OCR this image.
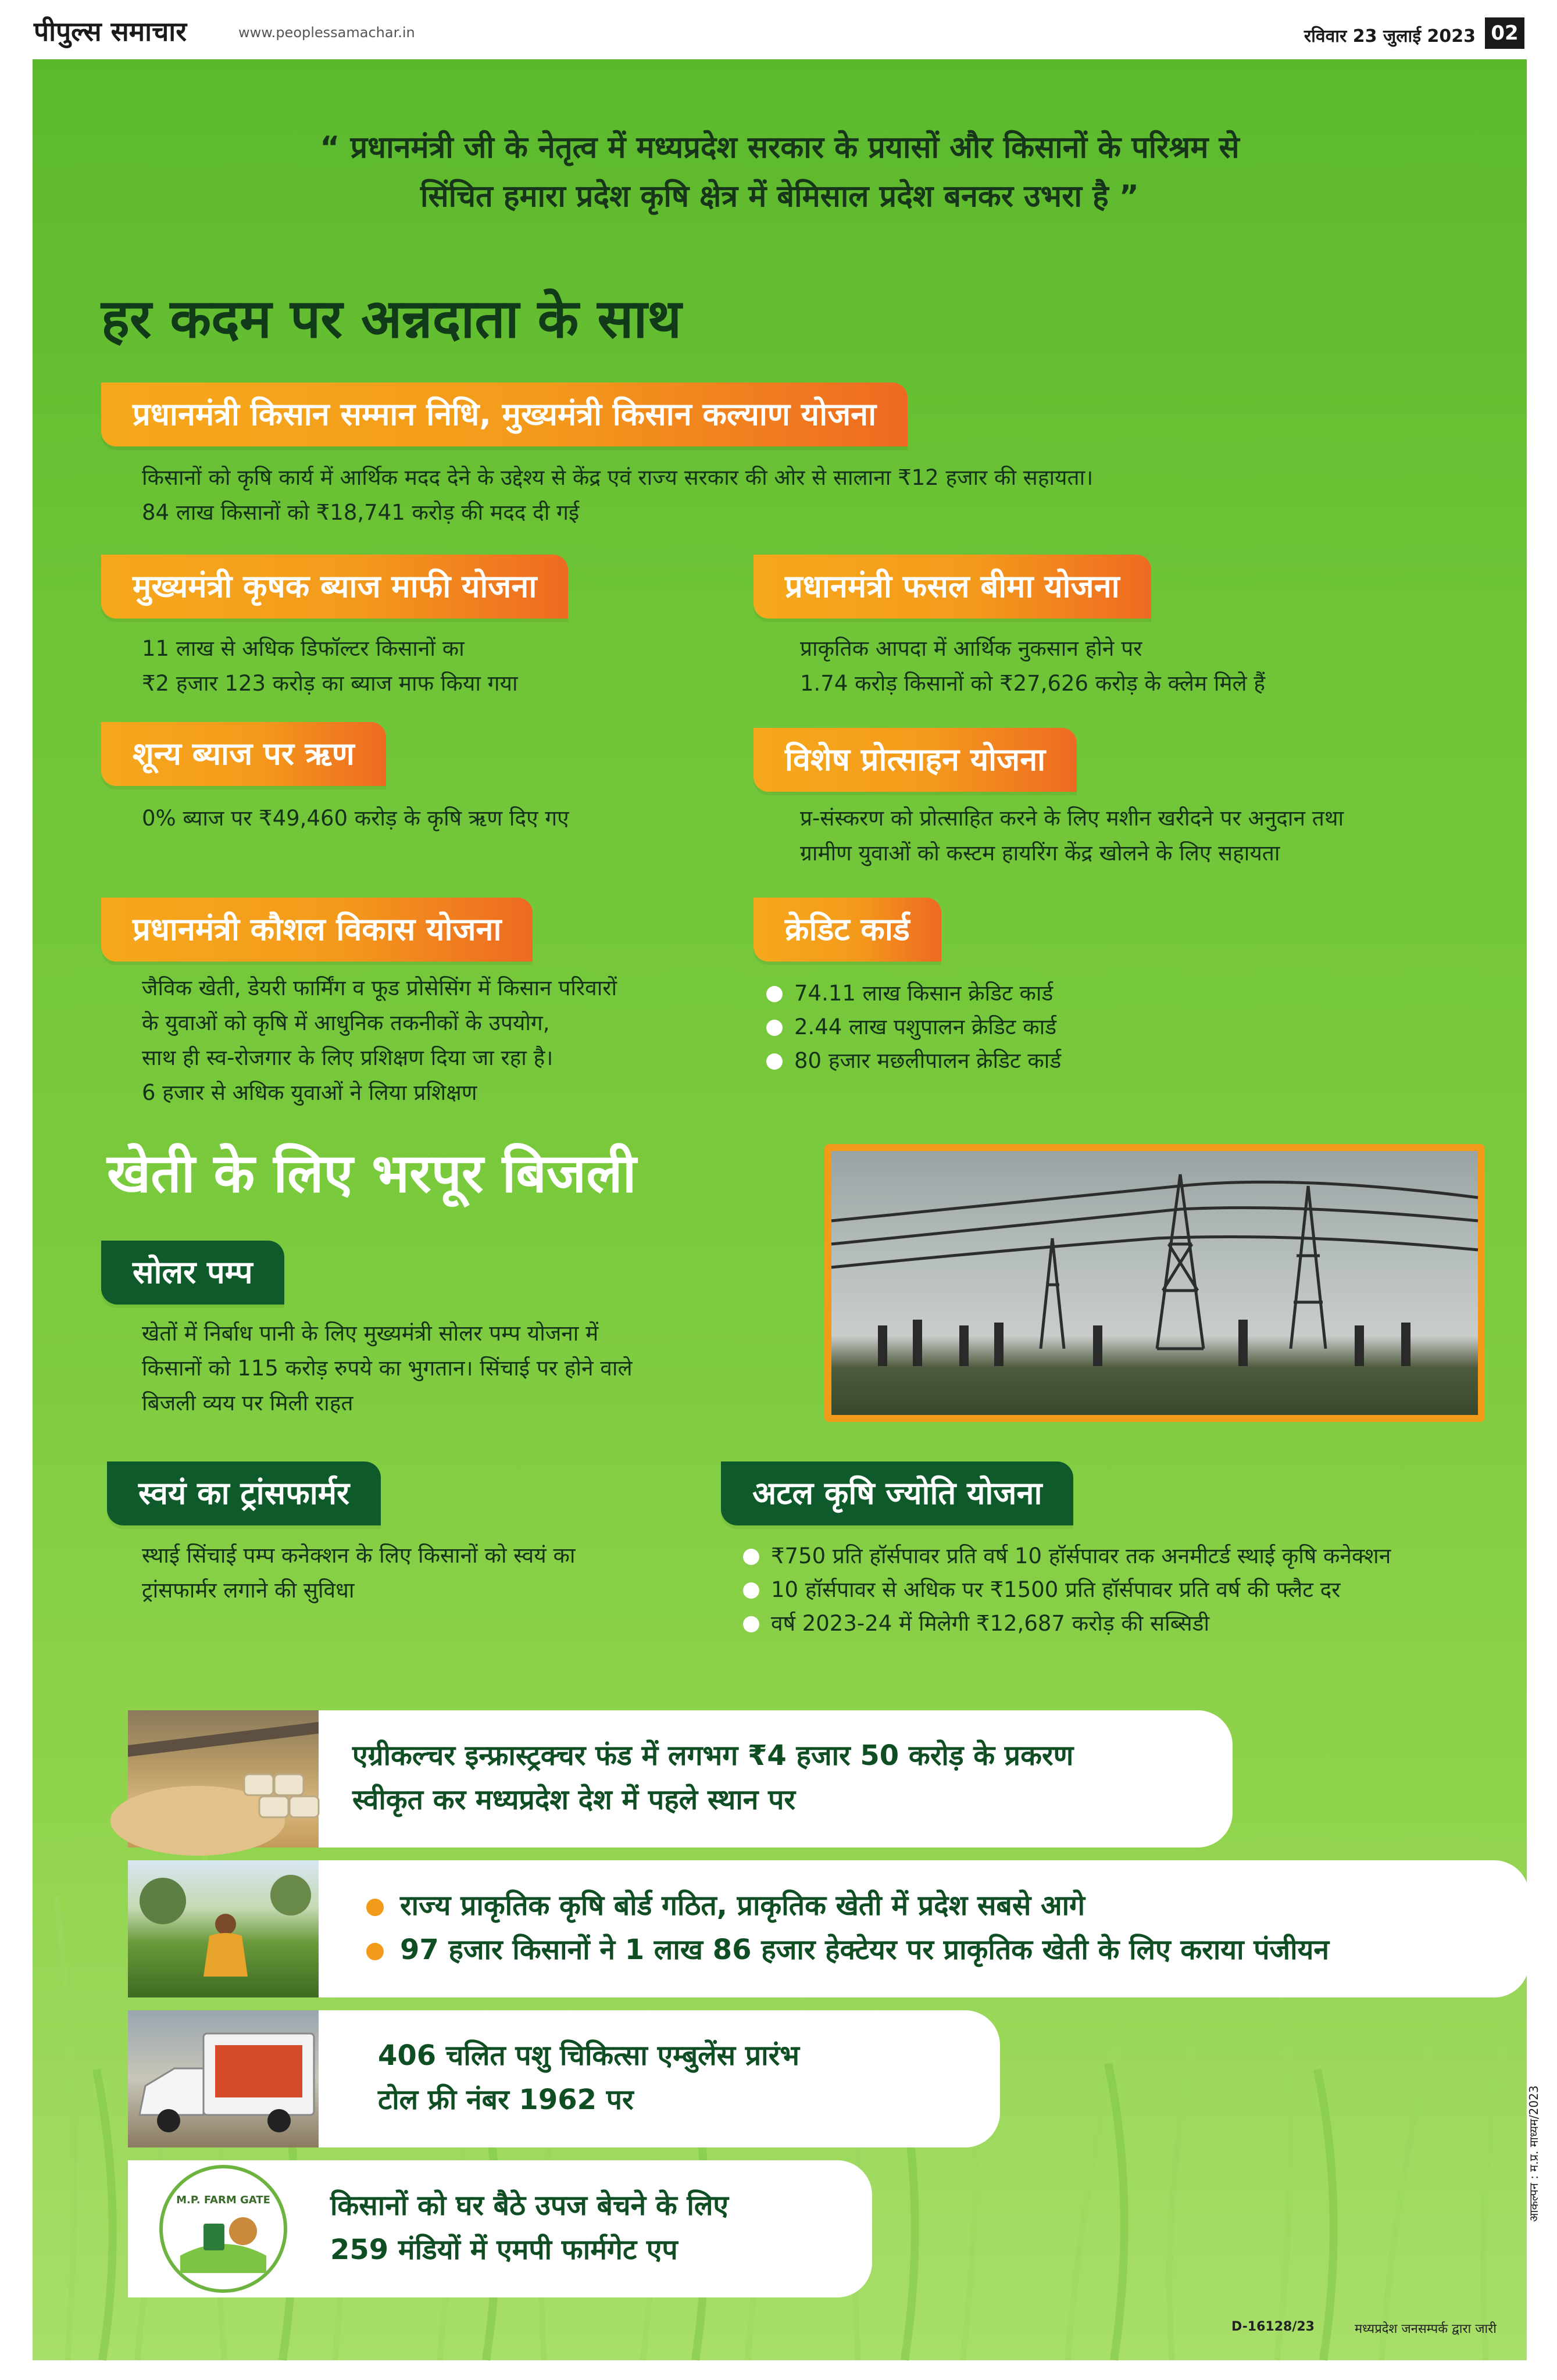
पीपुल्स समाचार	www.peoplessamachar.in	रविवार 23 जुलाई 2023 02
“ प्रधानमंत्री जी के नेतृत्व में मध्यप्रदेश सरकार के प्रयासों और किसानों के परिश्रम से
सिंचित हमारा प्रदेश कृषि क्षेत्र में बेमिसाल प्रदेश बनकर उभरा है ”
हर कदम पर अन्नदाता के साथ
प्रधानमंत्री किसान सम्मान निधि, मुख्यमंत्री किसान कल्याण योजना
किसानों को कृषि कार्य में आर्थिक मदद देने के उद्देश्य से केंद्र एवं राज्य सरकार की ओर से सालाना ₹12 हजार की सहायता।
84 लाख किसानों को ₹18,741 करोड़ की मदद दी गई
मुख्यमंत्री कृषक ब्याज माफी योजना
11 लाख से अधिक डिफॉल्टर किसानों का
₹2 हजार 123 करोड़ का ब्याज माफ किया गया
प्रधानमंत्री फसल बीमा योजना
प्राकृतिक आपदा में आर्थिक नुकसान होने पर
1.74 करोड़ किसानों को ₹27,626 करोड़ के क्लेम मिले हैं
शून्य ब्याज पर ऋण
0% ब्याज पर ₹49,460 करोड़ के कृषि ऋण दिए गए
विशेष प्रोत्साहन योजना
प्र-संस्करण को प्रोत्साहित करने के लिए मशीन खरीदने पर अनुदान तथा
ग्रामीण युवाओं को कस्टम हायरिंग केंद्र खोलने के लिए सहायता
प्रधानमंत्री कौशल विकास योजना
जैविक खेती, डेयरी फार्मिंग व फूड प्रोसेसिंग में किसान परिवारों
के युवाओं को कृषि में आधुनिक तकनीकों के उपयोग,
साथ ही स्व-रोजगार के लिए प्रशिक्षण दिया जा रहा है।
6 हजार से अधिक युवाओं ने लिया प्रशिक्षण
क्रेडिट कार्ड
74.11 लाख किसान क्रेडिट कार्ड
2.44 लाख पशुपालन क्रेडिट कार्ड
80 हजार मछलीपालन क्रेडिट कार्ड
खेती के लिए भरपूर बिजली
सोलर पम्प
खेतों में निर्बाध पानी के लिए मुख्यमंत्री सोलर पम्प योजना में
किसानों को 115 करोड़ रुपये का भुगतान। सिंचाई पर होने वाले
बिजली व्यय पर मिली राहत
स्वयं का ट्रांसफार्मर
स्थाई सिंचाई पम्प कनेक्शन के लिए किसानों को स्वयं का
ट्रांसफार्मर लगाने की सुविधा
अटल कृषि ज्योति योजना
₹750 प्रति हॉर्सपावर प्रति वर्ष 10 हॉर्सपावर तक अनमीटर्ड स्थाई कृषि कनेक्शन
10 हॉर्सपावर से अधिक पर ₹1500 प्रति हॉर्सपावर प्रति वर्ष की फ्लैट दर
वर्ष 2023-24 में मिलेगी ₹12,687 करोड़ की सब्सिडी
एग्रीकल्चर इन्फ्रास्ट्रक्चर फंड में लगभग ₹4 हजार 50 करोड़ के प्रकरण
स्वीकृत कर मध्यप्रदेश देश में पहले स्थान पर
राज्य प्राकृतिक कृषि बोर्ड गठित, प्राकृतिक खेती में प्रदेश सबसे आगे
97 हजार किसानों ने 1 लाख 86 हजार हेक्टेयर पर प्राकृतिक खेती के लिए कराया पंजीयन
406 चलित पशु चिकित्सा एम्बुलेंस प्रारंभ
टोल फ्री नंबर 1962 पर
M.P. FARM GATE किसानों को घर बैठे उपज बेचने के लिए
259 मंडियों में एमपी फार्मगेट एप
आकल्पन : म.प्र. माध्यम/2023
D-16128/23	मध्यप्रदेश जनसम्पर्क द्वारा जारी
